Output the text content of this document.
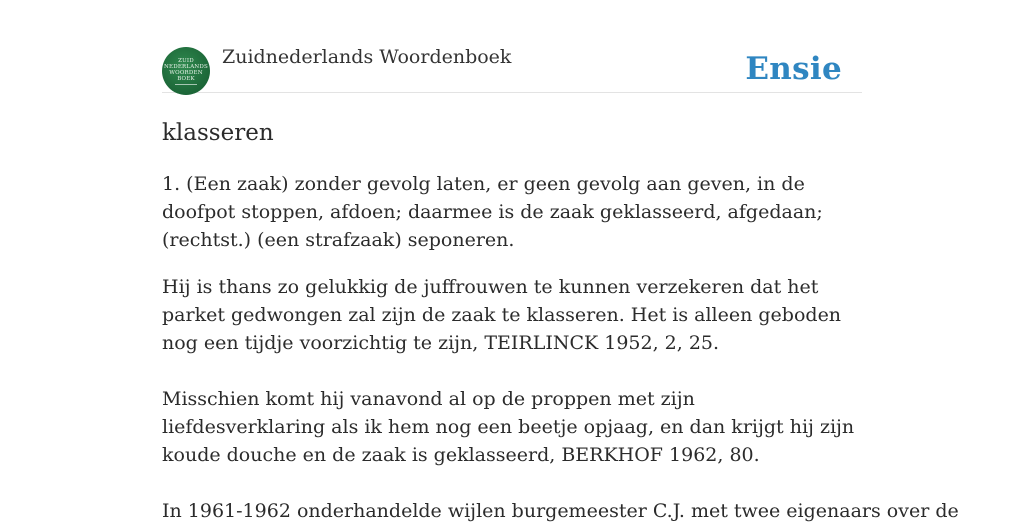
ZUID
NEDERLANDS
WOORDEN
BOEK

Zuidnederlands Woordenboek	Ensie
klasseren

1. (Een zaak) zonder gevolg laten, er geen gevolg aan geven, in de doofpot stoppen, afdoen; daarmee is de zaak geklasseerd, afgedaan; (rechtst.) (een strafzaak) seponeren.

Hij is thans zo gelukkig de juffrouwen te kunnen verzekeren dat het parket gedwongen zal zijn de zaak te klasseren. Het is alleen geboden nog een tijdje voorzichtig te zijn, TEIRLINCK 1952, 2, 25.

Misschien komt hij vanavond al op de proppen met zijn liefdesverklaring als ik hem nog een beetje opjaag, en dan krijgt hij zijn koude douche en de zaak is geklasseerd, BERKHOF 1962, 80.

In 1961-1962 onderhandelde wijlen burgemeester C.J. met twee eigenaars over de
